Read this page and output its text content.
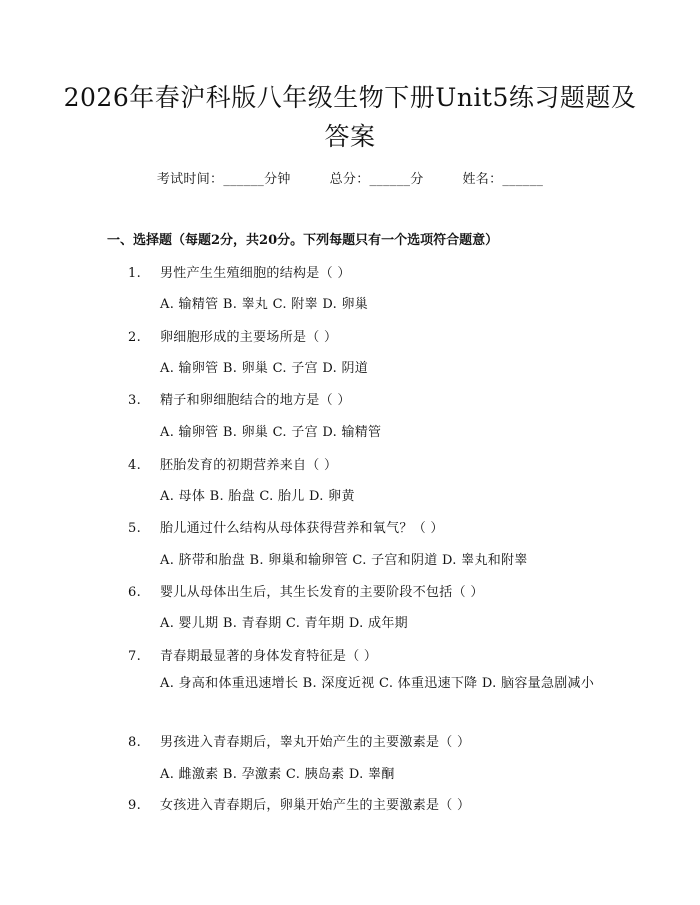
2026年春沪科版八年级生物下册Unit5练习题题及答案
考试时间：______分钟	总分：______分	姓名：______
一、选择题（每题2分，共20分。下列每题只有一个选项符合题意）
1. 男性产生生殖细胞的结构是（ ）
A. 输精管 B. 睾丸 C. 附睾 D. 卵巢
2. 卵细胞形成的主要场所是（ ）
A. 输卵管 B. 卵巢 C. 子宫 D. 阴道
3. 精子和卵细胞结合的地方是（ ）
A. 输卵管 B. 卵巢 C. 子宫 D. 输精管
4. 胚胎发育的初期营养来自（ ）
A. 母体 B. 胎盘 C. 胎儿 D. 卵黄
5. 胎儿通过什么结构从母体获得营养和氧气？（ ）
A. 脐带和胎盘 B. 卵巢和输卵管 C. 子宫和阴道 D. 睾丸和附睾
6. 婴儿从母体出生后，其生长发育的主要阶段不包括（ ）
A. 婴儿期 B. 青春期 C. 青年期 D. 成年期
7. 青春期最显著的身体发育特征是（ ）
A. 身高和体重迅速增长 B. 深度近视 C. 体重迅速下降 D. 脑容量急剧减小
8. 男孩进入青春期后，睾丸开始产生的主要激素是（ ）
A. 雌激素 B. 孕激素 C. 胰岛素 D. 睾酮
9. 女孩进入青春期后，卵巢开始产生的主要激素是（ ）
